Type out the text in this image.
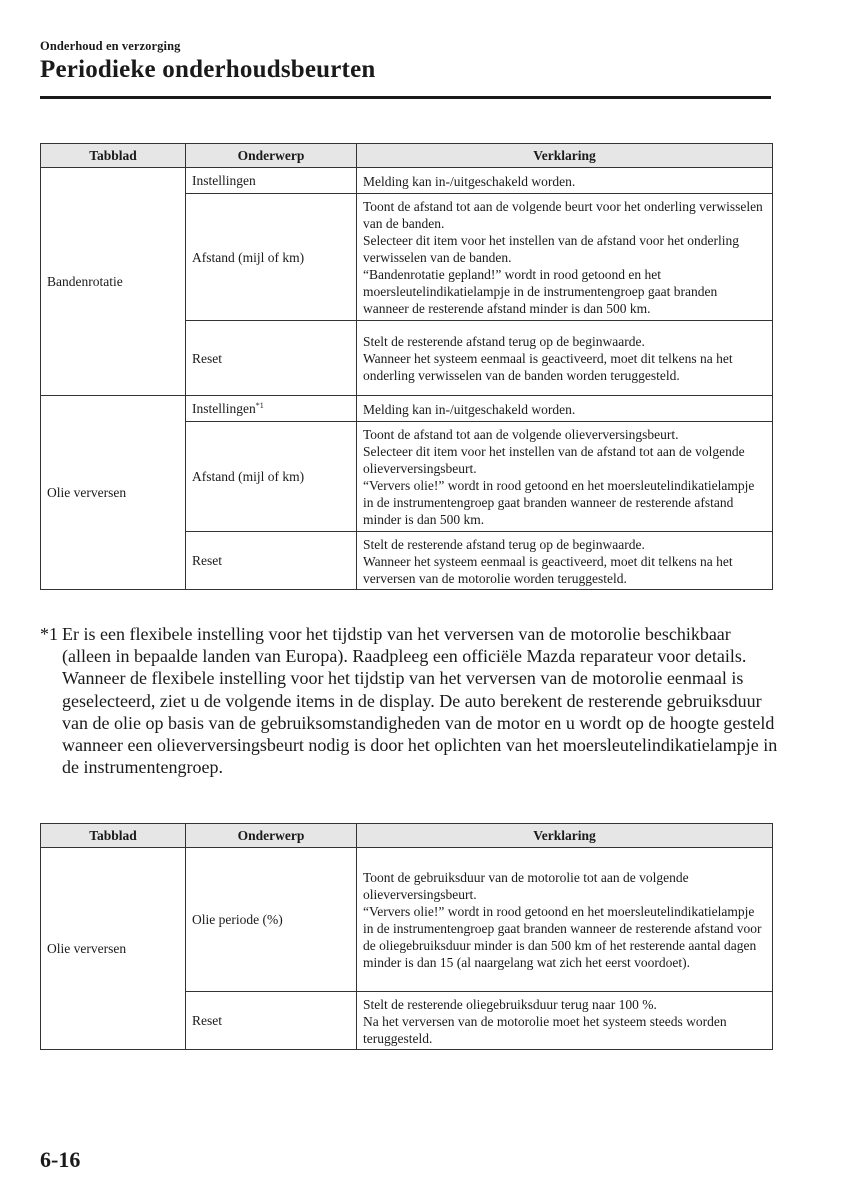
Onderhoud en verzorging
Periodieke onderhoudsbeurten
Tabblad	Onderwerp	Verklaring
Bandenrotatie	Instellingen	Melding kan in-/uitgeschakeld worden.
	Afstand (mijl of km)	Toont de afstand tot aan de volgende beurt voor het onderling verwisselen van de banden.
Selecteer dit item voor het instellen van de afstand voor het onderling verwisselen van de banden.
“Bandenrotatie gepland!” wordt in rood getoond en het moersleutelindikatielampje in de instrumentengroep gaat branden wanneer de resterende afstand minder is dan 500 km.
	Reset	Stelt de resterende afstand terug op de beginwaarde.
Wanneer het systeem eenmaal is geactiveerd, moet dit telkens na het onderling verwisselen van de banden worden teruggesteld.
Olie verversen	Instellingen$^{*1}$	Melding kan in-/uitgeschakeld worden.
	Afstand (mijl of km)	Toont de afstand tot aan de volgende olieverversingsbeurt.
Selecteer dit item voor het instellen van de afstand tot aan de volgende olieverversingsbeurt.
“Ververs olie!” wordt in rood getoond en het moersleutelindikatielampje in de instrumentengroep gaat branden wanneer de resterende afstand minder is dan 500 km.
	Reset	Stelt de resterende afstand terug op de beginwaarde.
Wanneer het systeem eenmaal is geactiveerd, moet dit telkens na het verversen van de motorolie worden teruggesteld.
*1 Er is een flexibele instelling voor het tijdstip van het verversen van de motorolie beschikbaar (alleen in bepaalde landen van Europa). Raadpleeg een officiële Mazda reparateur voor details.

Wanneer de flexibele instelling voor het tijdstip van het verversen van de motorolie eenmaal is geselecteerd, ziet u de volgende items in de display. De auto berekent de resterende gebruiksduur van de olie op basis van de gebruiksomstandigheden van de motor en u wordt op de hoogte gesteld wanneer een olieverversingsbeurt nodig is door het oplichten van het moersleutelindikatielampje in de instrumentengroep.

Tabblad	Onderwerp	Verklaring
Olie verversen	Olie periode (%)	Toont de gebruiksduur van de motorolie tot aan de volgende olieverversingsbeurt.
“Ververs olie!” wordt in rood getoond en het moersleutelindikatielampje in de instrumentengroep gaat branden wanneer de resterende afstand voor de oliegebruiksduur minder is dan 500 km of het resterende aantal dagen minder is dan 15 (al naargelang wat zich het eerst voordoet).
	Reset	Stelt de resterende oliegebruiksduur terug naar 100 %.
Na het verversen van de motorolie moet het systeem steeds worden teruggesteld.
6-16
